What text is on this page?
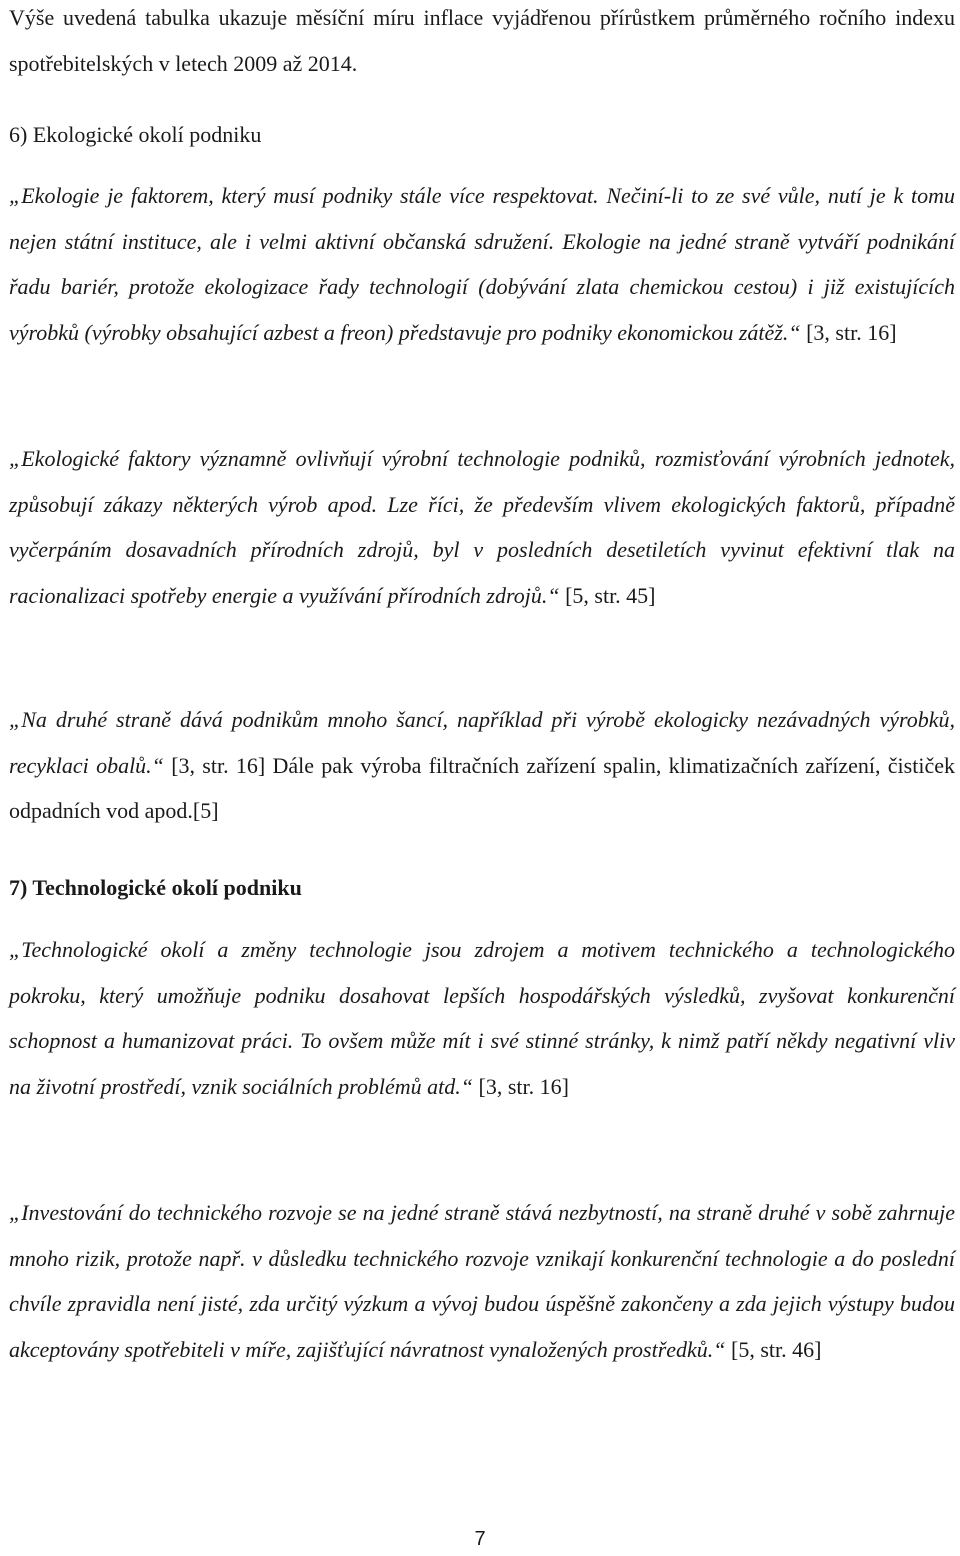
Výše uvedená tabulka ukazuje měsíční míru inflace vyjádřenou přírůstkem průměrného ročního indexu spotřebitelských v letech 2009 až 2014.

6) Ekologické okolí podniku

„Ekologie je faktorem, který musí podniky stále více respektovat. Nečiní-li to ze své vůle, nutí je k tomu nejen státní instituce, ale i velmi aktivní občanská sdružení. Ekologie na jedné straně vytváří podnikání řadu bariér, protože ekologizace řady technologií (dobývání zlata chemickou cestou) i již existujících výrobků (výrobky obsahující azbest a freon) představuje pro podniky ekonomickou zátěž.“ [3, str. 16]

„Ekologické faktory významně ovlivňují výrobní technologie podniků, rozmisťování výrobních jednotek, způsobují zákazy některých výrob apod. Lze říci, že především vlivem ekologických faktorů, případně vyčerpáním dosavadních přírodních zdrojů, byl v posledních desetiletích vyvinut efektivní tlak na racionalizaci spotřeby energie a využívání přírodních zdrojů.“ [5, str. 45]

„Na druhé straně dává podnikům mnoho šancí, například při výrobě ekologicky nezávadných výrobků, recyklaci obalů.“ [3, str. 16] Dále pak výroba filtračních zařízení spalin, klimatizačních zařízení, čističek odpadních vod apod.[5]

7) Technologické okolí podniku

„Technologické okolí a změny technologie jsou zdrojem a motivem technického a technologického pokroku, který umožňuje podniku dosahovat lepších hospodářských výsledků, zvyšovat konkurenční schopnost a humanizovat práci. To ovšem může mít i své stinné stránky, k nimž patří někdy negativní vliv na životní prostředí, vznik sociálních problémů atd.“ [3, str. 16]

„Investování do technického rozvoje se na jedné straně stává nezbytností, na straně druhé v sobě zahrnuje mnoho rizik, protože např. v důsledku technického rozvoje vznikají konkurenční technologie a do poslední chvíle zpravidla není jisté, zda určitý výzkum a vývoj budou úspěšně zakončeny a zda jejich výstupy budou akceptovány spotřebiteli v míře, zajišťující návratnost vynaložených prostředků.“ [5, str. 46]

7
